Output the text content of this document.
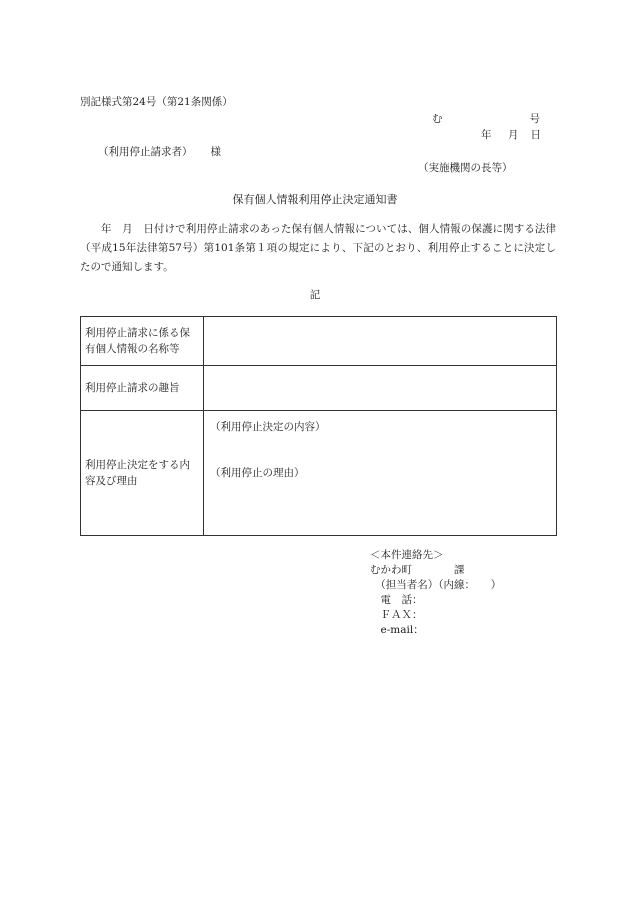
別記様式第24号（第21条関係）
む	号
年 月 日
（利用停止請求者） 様
（実施機関の長等）
保有個人情報利用停止決定通知書
年　月　日付けで利用停止請求のあった保有個人情報については、個人情報の保護に関する法律（平成15年法律第57号）第101条第１項の規定により、下記のとおり、利用停止することに決定したので通知します。
記
利用停止請求に係る保有個人情報の名称等	
利用停止請求の趣旨	
利用停止決定をする内容及び理由	（利用停止決定の内容）
（利用停止の理由）
＜本件連絡先＞
むかわ町　　　　課
　（担当者名）（内線：　　）
　電　話：
　ＦＡＸ：
　e-mail：
